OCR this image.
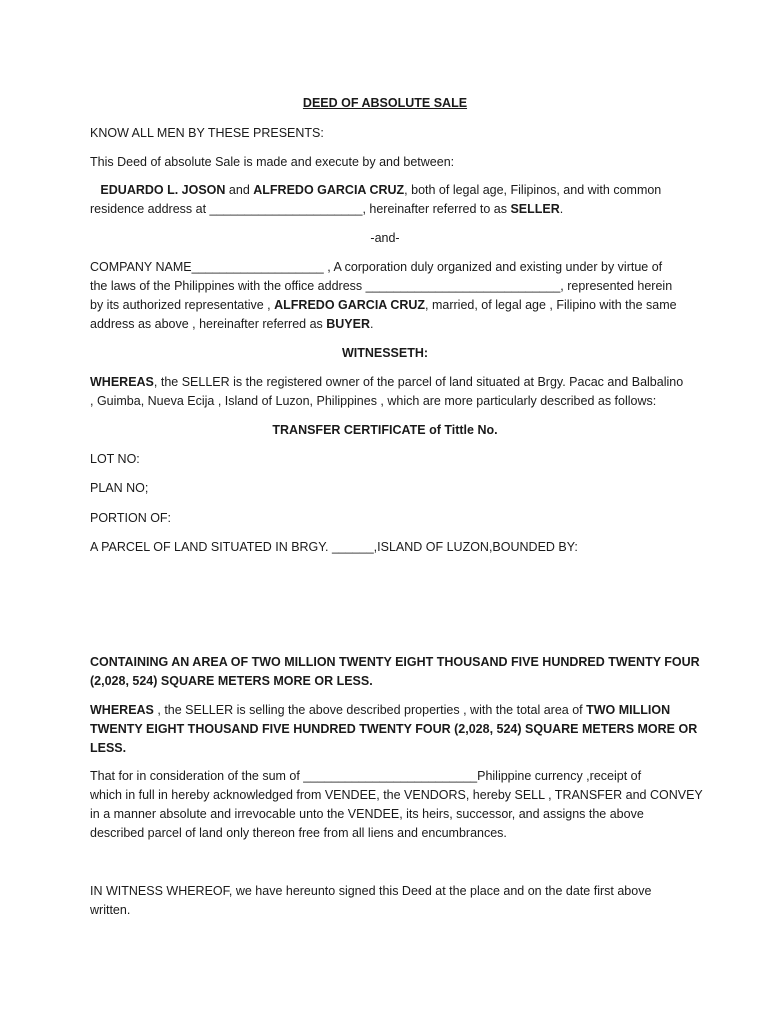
DEED OF ABSOLUTE SALE
KNOW ALL MEN BY THESE PRESENTS:
This Deed of absolute Sale is made and execute by and between:
EDUARDO L. JOSON and ALFREDO GARCIA CRUZ, both of legal age, Filipinos, and with common
residence address at ______________________, hereinafter referred to as SELLER.
-and-
COMPANY NAME___________________ , A corporation duly organized and existing under by virtue of
the laws of the Philippines with the office address ____________________________, represented herein
by its authorized representative , ALFREDO GARCIA CRUZ, married, of legal age , Filipino with the same
address as above , hereinafter referred as BUYER.
WITNESSETH:
WHEREAS, the SELLER is the registered owner of the parcel of land situated at Brgy. Pacac and Balbalino
, Guimba, Nueva Ecija , Island of Luzon, Philippines , which are more particularly described as follows:
TRANSFER CERTIFICATE of Tittle No.
LOT NO:
PLAN NO;
PORTION OF:
A PARCEL OF LAND SITUATED IN BRGY. ______,ISLAND OF LUZON,BOUNDED BY:
CONTAINING AN AREA OF TWO MILLION TWENTY EIGHT THOUSAND FIVE HUNDRED TWENTY FOUR
(2,028, 524) SQUARE METERS MORE OR LESS.
WHEREAS , the SELLER is selling the above described properties , with the total area of TWO MILLION
TWENTY EIGHT THOUSAND FIVE HUNDRED TWENTY FOUR (2,028, 524) SQUARE METERS MORE OR
LESS.
That for in consideration of the sum of _________________________Philippine currency ,receipt of
which in full in hereby acknowledged from VENDEE, the VENDORS, hereby SELL , TRANSFER and CONVEY
in a manner absolute and irrevocable unto the VENDEE, its heirs, successor, and assigns the above
described parcel of land only thereon free from all liens and encumbrances.
IN WITNESS WHEREOF, we have hereunto signed this Deed at the place and on the date first above
written.
